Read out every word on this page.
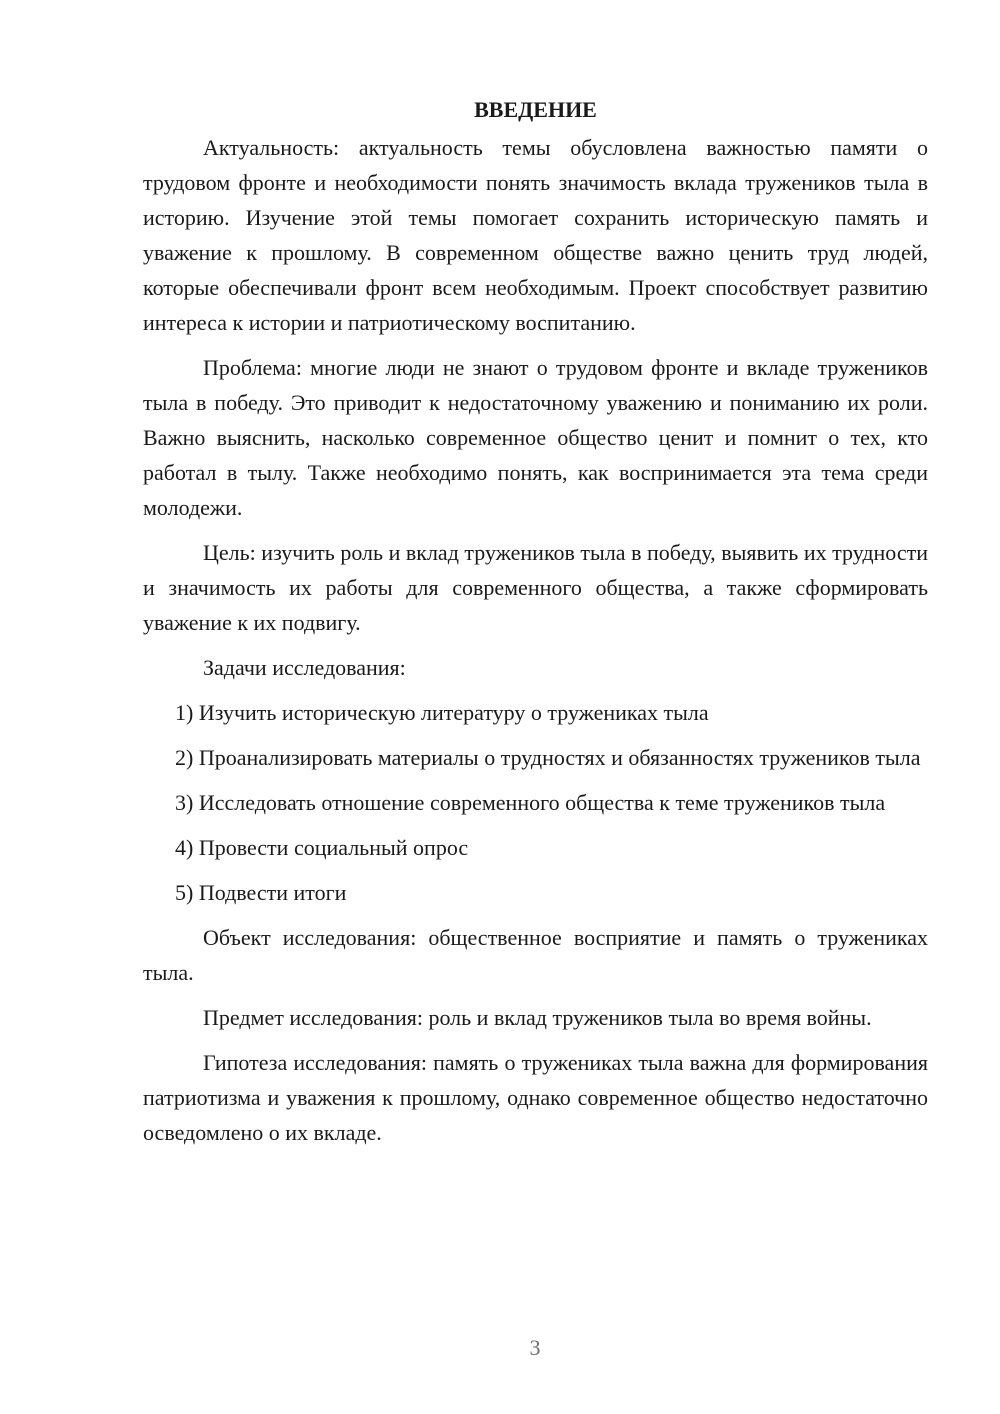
ВВЕДЕНИЕ

Актуальность: актуальность темы обусловлена важностью памяти о трудовом фронте и необходимости понять значимость вклада тружеников тыла в историю. Изучение этой темы помогает сохранить историческую память и уважение к прошлому. В современном обществе важно ценить труд людей, которые обеспечивали фронт всем необходимым. Проект способствует развитию интереса к истории и патриотическому воспитанию.

Проблема: многие люди не знают о трудовом фронте и вкладе тружеников тыла в победу. Это приводит к недостаточному уважению и пониманию их роли. Важно выяснить, насколько современное общество ценит и помнит о тех, кто работал в тылу. Также необходимо понять, как воспринимается эта тема среди молодежи.

Цель: изучить роль и вклад тружеников тыла в победу, выявить их трудности и значимость их работы для современного общества, а также сформировать уважение к их подвигу.

Задачи исследования:

1) Изучить историческую литературу о тружениках тыла

2) Проанализировать материалы о трудностях и обязанностях тружеников тыла

3) Исследовать отношение современного общества к теме тружеников тыла

4) Провести социальный опрос

5) Подвести итоги

Объект исследования: общественное восприятие и память о тружениках тыла.

Предмет исследования: роль и вклад тружеников тыла во время войны.

Гипотеза исследования: память о тружениках тыла важна для формирования патриотизма и уважения к прошлому, однако современное общество недостаточно осведомлено о их вкладе.

3
